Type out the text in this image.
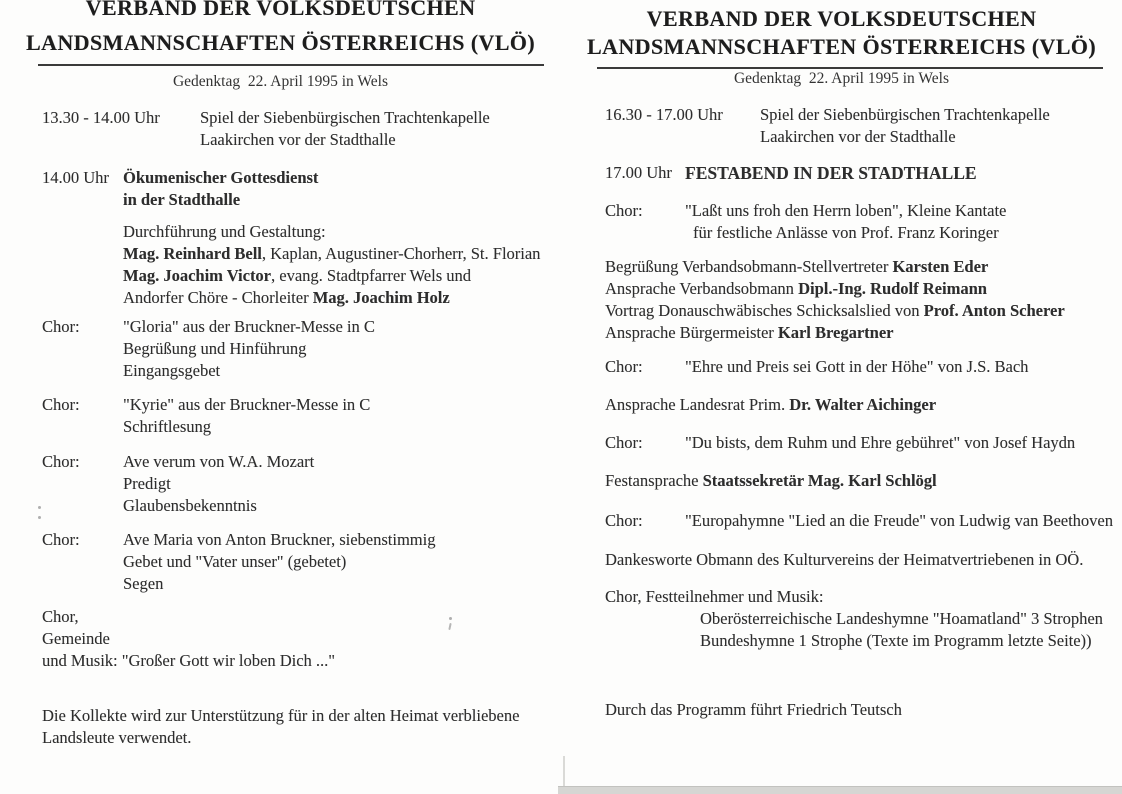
VERBAND DER VOLKSDEUTSCHEN
LANDSMANNSCHAFTEN ÖSTERREICHS (VLÖ)
Gedenktag  22. April 1995 in Wels
13.30 - 14.00 Uhr	Spiel der Siebenbürgischen Trachtenkapelle
Laakirchen vor der Stadthalle
14.00 Uhr Ökumenischer Gottesdienst
in der Stadthalle
Durchführung und Gestaltung:
Mag. Reinhard Bell, Kaplan, Augustiner-Chorherr, St. Florian
Mag. Joachim Victor, evang. Stadtpfarrer Wels und
Andorfer Chöre - Chorleiter Mag. Joachim Holz
Chor:	"Gloria" aus der Bruckner-Messe in C
Begrüßung und Hinführung
Eingangsgebet
Chor:	"Kyrie" aus der Bruckner-Messe in C
Schriftlesung
Chor:	Ave verum von W.A. Mozart
Predigt
Glaubensbekenntnis
Chor:	Ave Maria von Anton Bruckner, siebenstimmig
Gebet und "Vater unser" (gebetet)
Segen
Chor,
Gemeinde
und Musik: "Großer Gott wir loben Dich ..."
Die Kollekte wird zur Unterstützung für in der alten Heimat verbliebene
Landsleute verwendet.
VERBAND DER VOLKSDEUTSCHEN
LANDSMANNSCHAFTEN ÖSTERREICHS (VLÖ)
Gedenktag  22. April 1995 in Wels
16.30 - 17.00 Uhr	Spiel der Siebenbürgischen Trachtenkapelle
Laakirchen vor der Stadthalle
17.00 Uhr FESTABEND IN DER STADTHALLE
Chor:	"Laßt uns froh den Herrn loben", Kleine Kantate
für festliche Anlässe von Prof. Franz Koringer
Begrüßung Verbandsobmann-Stellvertreter Karsten Eder
Ansprache Verbandsobmann Dipl.-Ing. Rudolf Reimann
Vortrag Donauschwäbisches Schicksalslied von Prof. Anton Scherer
Ansprache Bürgermeister Karl Bregartner
Chor:	"Ehre und Preis sei Gott in der Höhe" von J.S. Bach
Ansprache Landesrat Prim. Dr. Walter Aichinger
Chor:	"Du bists, dem Ruhm und Ehre gebühret" von Josef Haydn
Festansprache Staatssekretär Mag. Karl Schlögl
Chor:	"Europahymne "Lied an die Freude" von Ludwig van Beethoven
Dankesworte Obmann des Kulturvereins der Heimatvertriebenen in OÖ.
Chor, Festteilnehmer und Musik:
Oberösterreichische Landeshymne "Hoamatland" 3 Strophen
Bundeshymne 1 Strophe (Texte im Programm letzte Seite))
Durch das Programm führt Friedrich Teutsch
